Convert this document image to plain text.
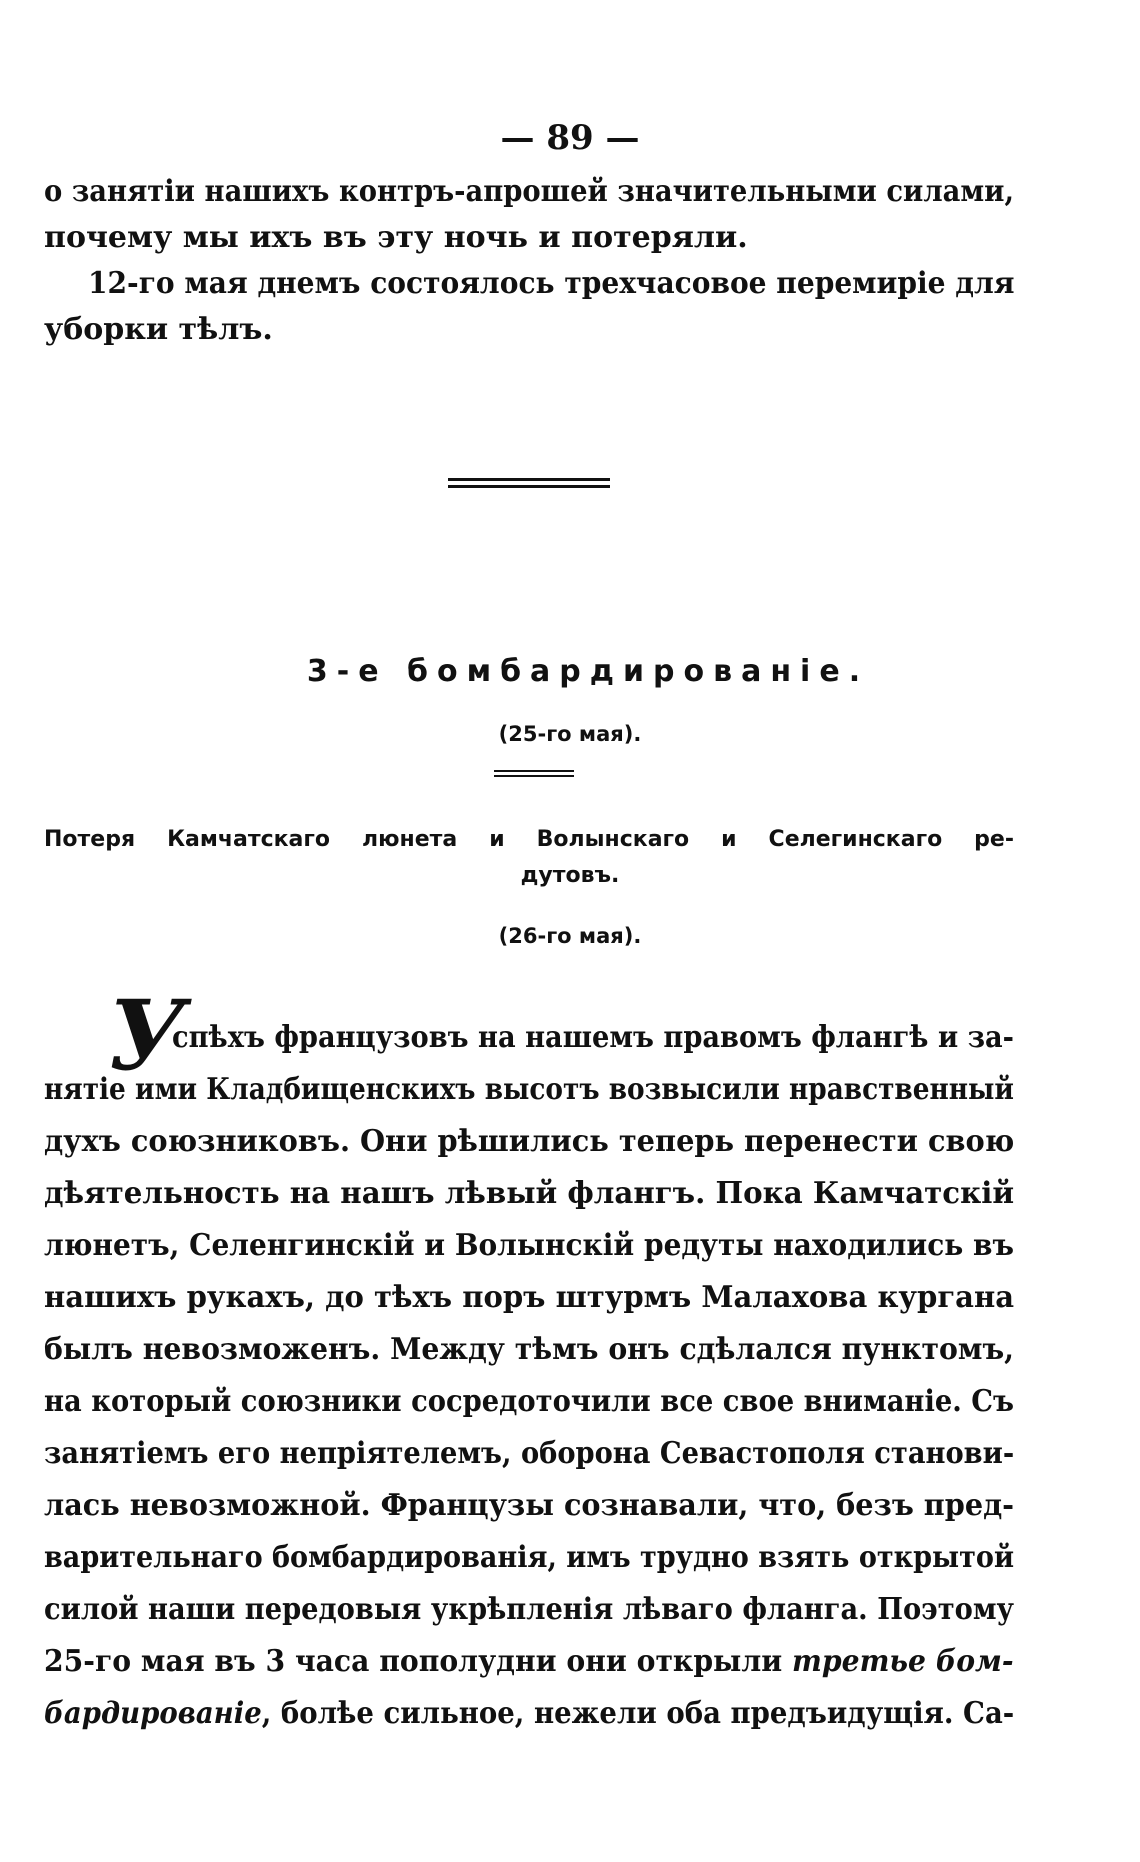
— 89 —
о занятіи нашихъ контръ-апрошей значительными силами,
почему мы ихъ въ эту ночь и потеряли.
12-го мая днемъ состоялось трехчасовое перемиріе для
уборки тѣлъ.
3-е бомбардированіе.
(25-го мая).
Потеря Камчатскаго люнета и Волынскаго и Селегинскаго ре-
дутовъ.
(26-го мая).
У
спѣхъ французовъ на нашемъ правомъ флангѣ и за-
нятіе ими Кладбищенскихъ высотъ возвысили нравственный
духъ союзниковъ. Они рѣшились теперь перенести свою
дѣятельность на нашъ лѣвый флангъ. Пока Камчатскій
люнетъ, Селенгинскій и Волынскій редуты находились въ
нашихъ рукахъ, до тѣхъ поръ штурмъ Малахова кургана
былъ невозможенъ. Между тѣмъ онъ сдѣлался пунктомъ,
на который союзники сосредоточили все свое вниманіе. Съ
занятіемъ его непріятелемъ, оборона Севастополя станови-
лась невозможной. Французы сознавали, что, безъ пред-
варительнаго бомбардированія, имъ трудно взять открытой
силой наши передовыя укрѣпленія лѣваго фланга. Поэтому
25-го мая въ 3 часа пополудни они открыли третье бом-
бардированіе, болѣе сильное, нежели оба предъидущія. Са-
